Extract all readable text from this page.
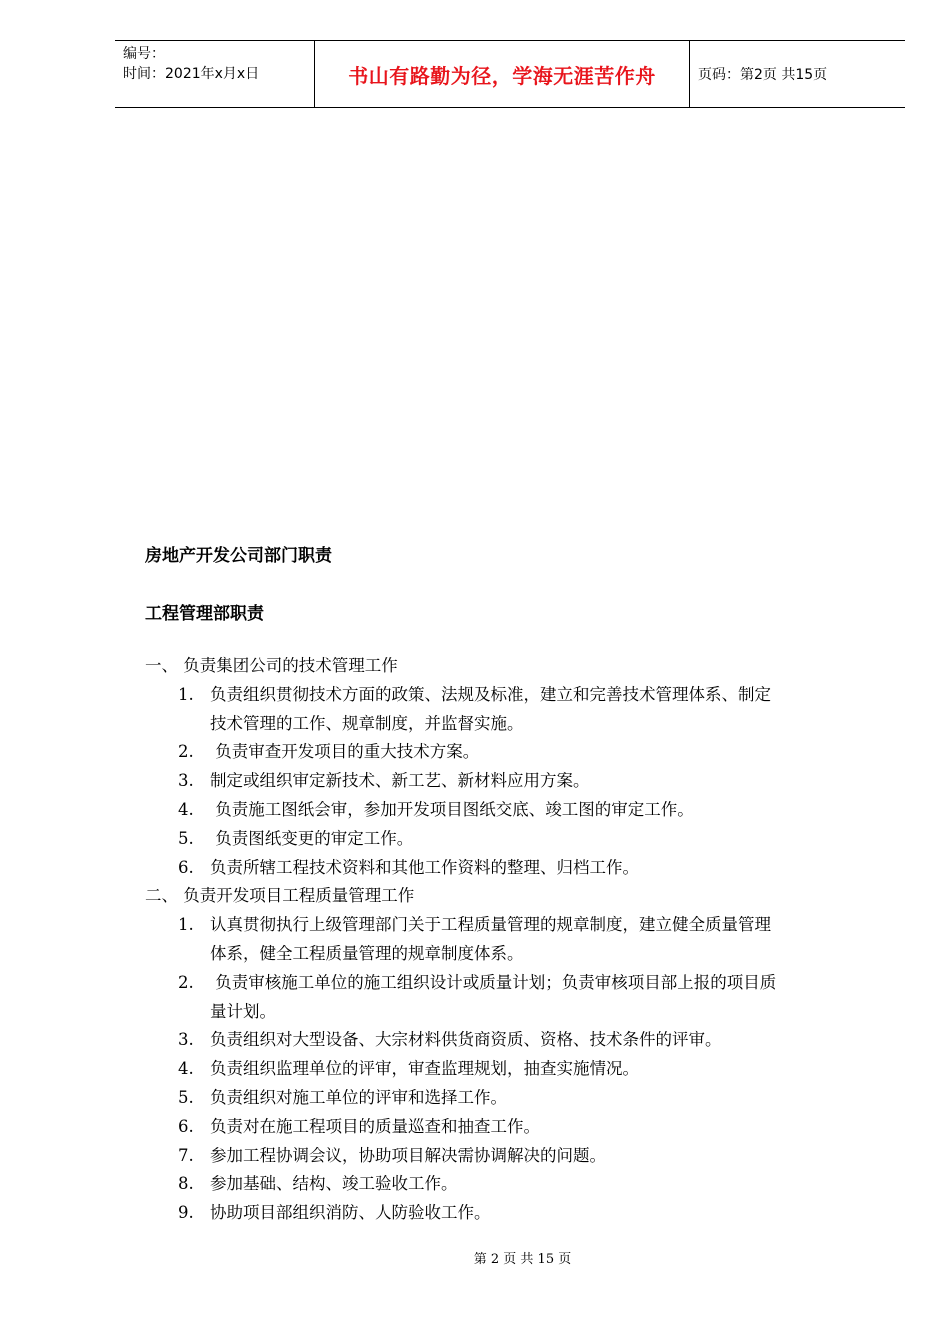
编号：
时间：2021年x月x日	书山有路勤为径，学海无涯苦作舟	页码：第2页 共15页
房地产开发公司部门职责
工程管理部职责
一、 负责集团公司的技术管理工作
1. 负责组织贯彻技术方面的政策、法规及标准，建立和完善技术管理体系、制定
技术管理的工作、规章制度，并监督实施。
2. 负责审查开发项目的重大技术方案。
3. 制定或组织审定新技术、新工艺、新材料应用方案。
4. 负责施工图纸会审，参加开发项目图纸交底、竣工图的审定工作。
5. 负责图纸变更的审定工作。
6. 负责所辖工程技术资料和其他工作资料的整理、归档工作。
二、 负责开发项目工程质量管理工作
1. 认真贯彻执行上级管理部门关于工程质量管理的规章制度，建立健全质量管理
体系，健全工程质量管理的规章制度体系。
2. 负责审核施工单位的施工组织设计或质量计划；负责审核项目部上报的项目质
量计划。
3. 负责组织对大型设备、大宗材料供货商资质、资格、技术条件的评审。
4. 负责组织监理单位的评审，审查监理规划，抽查实施情况。
5. 负责组织对施工单位的评审和选择工作。
6. 负责对在施工程项目的质量巡查和抽查工作。
7. 参加工程协调会议，协助项目解决需协调解决的问题。
8. 参加基础、结构、竣工验收工作。
9. 协助项目部组织消防、人防验收工作。
第 2 页 共 15 页
